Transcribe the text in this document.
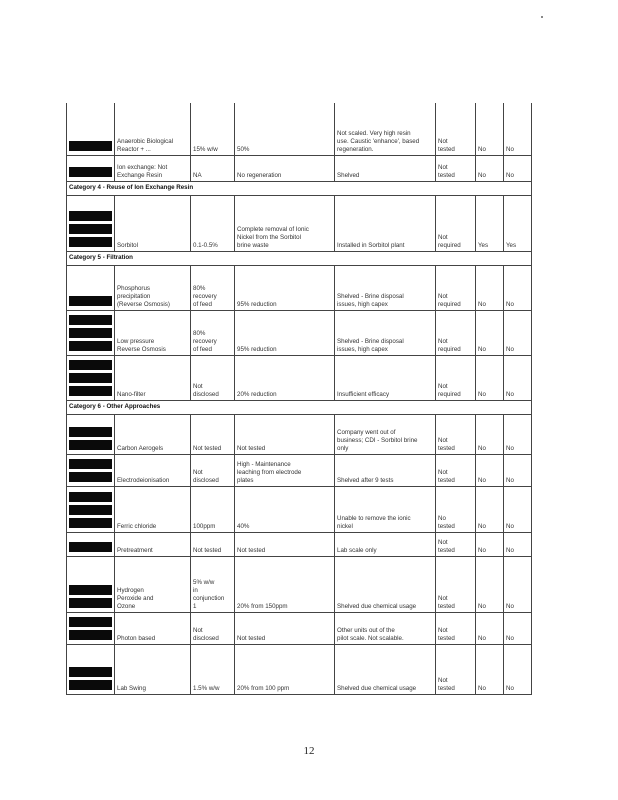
	Anaerobic Biological
Reactor + ...	15% w/w	50%	Not scaled. Very high resin
use. Caustic 'enhance', based
regeneration.	Not
tested	No	No

	Ion exchange: Not
Exchange Resin	NA	No regeneration	Shelved	Not
tested	No	No

Category 4 - Reuse of Ion Exchange Resin							

	Sorbitol	0.1-0.5%	Complete removal of Ionic
Nickel from the Sorbitol
brine waste	Installed in Sorbitol plant	Not
required	Yes	Yes

Category 5 - Filtration							

	Phosphorus
precipitation
(Reverse Osmosis)	80%
recovery
of feed	95% reduction	Shelved - Brine disposal
issues, high capex	Not
required	No	No

	Low pressure
Reverse Osmosis	80%
recovery
of feed	95% reduction	Shelved - Brine disposal
issues, high capex	Not
required	No	No

	Nano-filter	Not
disclosed	20% reduction	Insufficient efficacy	Not
required	No	No

Category 6 - Other Approaches							

	Carbon Aerogels	Not tested	Not tested	Company went out of
business; CDI - Sorbitol brine
only	Not
tested	No	No

	Electrodeionisation	Not
disclosed	High - Maintenance
leaching from electrode
plates	Shelved after 9 tests	Not
tested	No	No

	Ferric chloride	100ppm	40%	Unable to remove the ionic
nickel	No
tested	No	No

	Pretreatment	Not tested	Not tested	Lab scale only	Not
tested	No	No

	Hydrogen
Peroxide and
Ozone	5% w/w
in
conjunction
1	20% from 150ppm	Shelved due chemical usage	Not
tested	No	No

	Photon based	Not
disclosed	Not tested	Other units out of the
pilot scale. Not scalable.	Not
tested	No	No

	Lab Swing	1.5% w/w	20% from 100 ppm	Shelved due chemical usage	Not
tested	No	No
12
